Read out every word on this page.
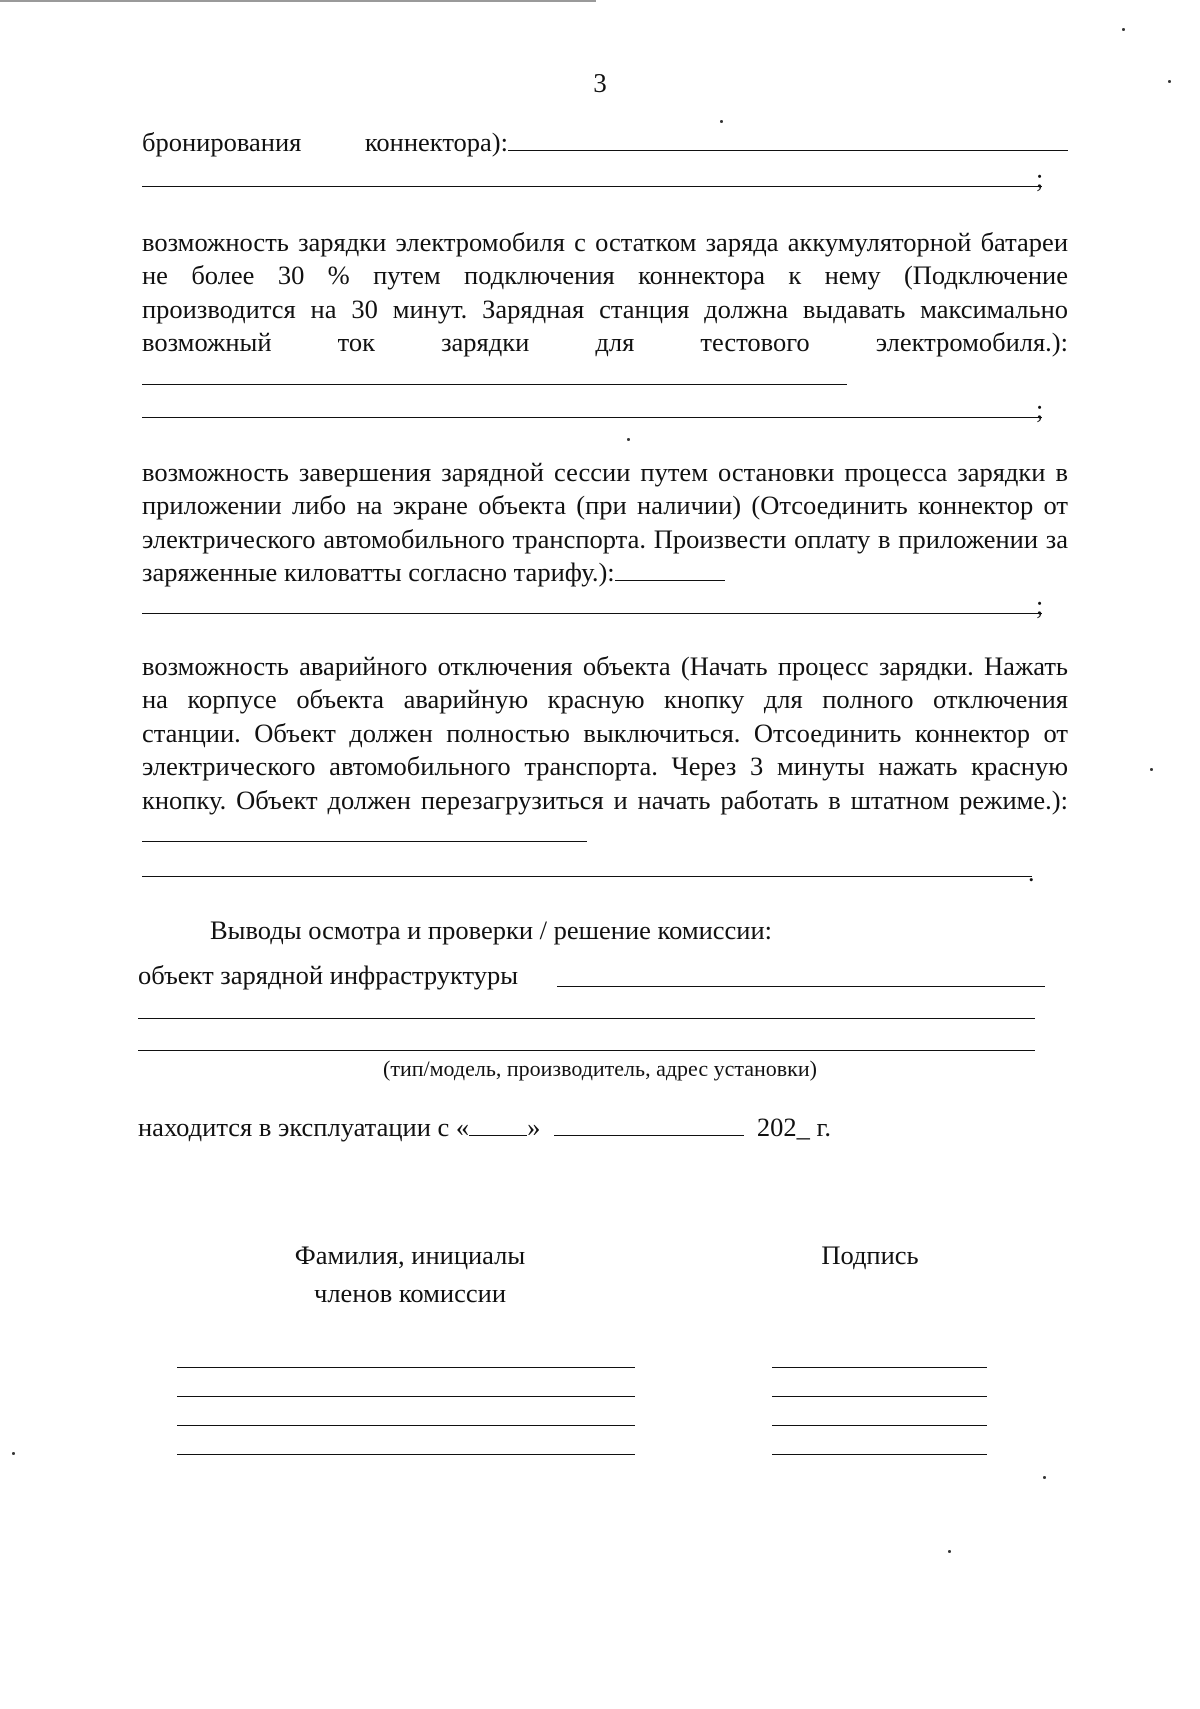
3

бронирования коннектора):

;

возможность зарядки электромобиля с остатком заряда аккумуляторной батареи не более 30 % путем подключения коннектора к нему (Подключение производится на 30 минут. Зарядная станция должна выдавать максимально возможный ток зарядки для тестового электромобиля.):

;

возможность завершения зарядной сессии путем остановки процесса зарядки в приложении либо на экране объекта (при наличии) (Отсоединить коннектор от электрического автомобильного транспорта. Произвести оплату в приложении за заряженные киловатты согласно тарифу.):

;

возможность аварийного отключения объекта (Начать процесс зарядки. Нажать на корпусе объекта аварийную красную кнопку для полного отключения станции. Объект должен полностью выключиться. Отсоединить коннектор от электрического автомобильного транспорта. Через 3 минуты нажать красную кнопку. Объект должен перезагрузиться и начать работать в штатном режиме.):

.
Выводы осмотра и проверки / решение комиссии:
объект зарядной инфраструктуры
(тип/модель, производитель, адрес установки)
находится в эксплуатации с « »	202_ г.
Фамилия, инициалы
членов комиссии
Подпись
